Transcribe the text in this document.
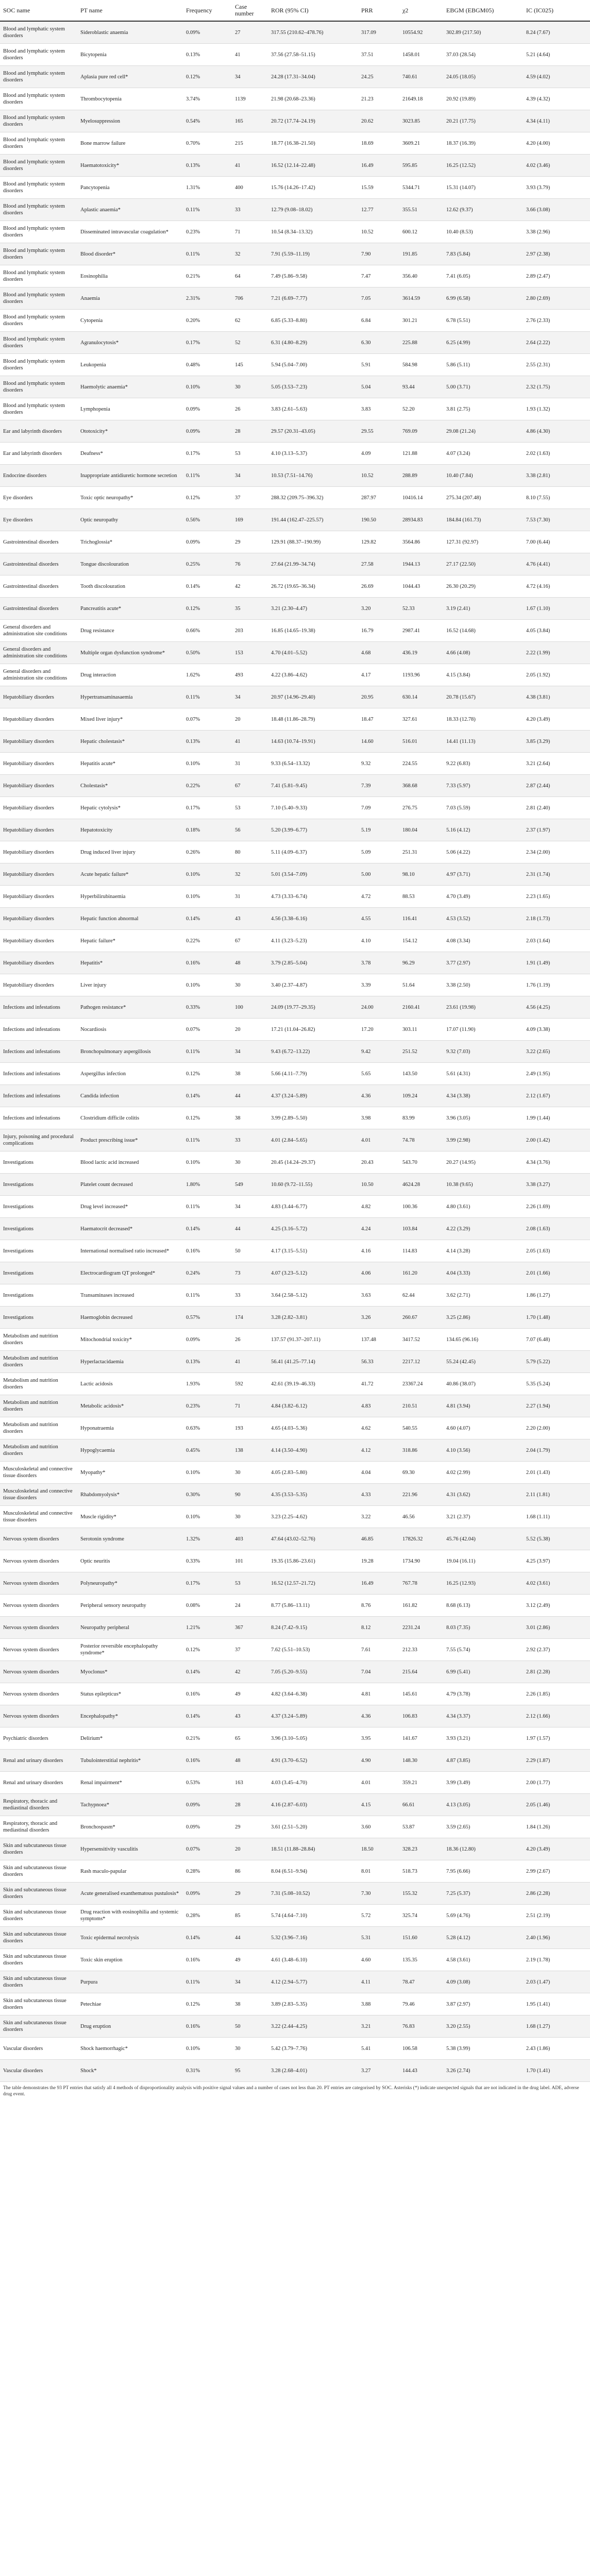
SOC name	PT name	Frequency	Case number	ROR (95% CI)	PRR	χ2	EBGM (EBGM05)	IC (IC025)
Blood and lymphatic system disorders	Sideroblastic anaemia	0.09%	27	317.55 (210.62–478.76)	317.09	10554.92	302.89 (217.50)	8.24 (7.67)
Blood and lymphatic system disorders	Bicytopenia	0.13%	41	37.56 (27.58–51.15)	37.51	1458.01	37.03 (28.54)	5.21 (4.64)
Blood and lymphatic system disorders	Aplasia pure red cell*	0.12%	34	24.28 (17.31–34.04)	24.25	740.61	24.05 (18.05)	4.59 (4.02)
Blood and lymphatic system disorders	Thrombocytopenia	3.74%	1139	21.98 (20.68–23.36)	21.23	21649.18	20.92 (19.89)	4.39 (4.32)
Blood and lymphatic system disorders	Myelosuppression	0.54%	165	20.72 (17.74–24.19)	20.62	3023.85	20.21 (17.75)	4.34 (4.11)
Blood and lymphatic system disorders	Bone marrow failure	0.70%	215	18.77 (16.38–21.50)	18.69	3609.21	18.37 (16.39)	4.20 (4.00)
Blood and lymphatic system disorders	Haematotoxicity*	0.13%	41	16.52 (12.14–22.48)	16.49	595.85	16.25 (12.52)	4.02 (3.46)
Blood and lymphatic system disorders	Pancytopenia	1.31%	400	15.76 (14.26–17.42)	15.59	5344.71	15.31 (14.07)	3.93 (3.79)
Blood and lymphatic system disorders	Aplastic anaemia*	0.11%	33	12.79 (9.08–18.02)	12.77	355.51	12.62 (9.37)	3.66 (3.08)
Blood and lymphatic system disorders	Disseminated intravascular coagulation*	0.23%	71	10.54 (8.34–13.32)	10.52	600.12	10.40 (8.53)	3.38 (2.96)
Blood and lymphatic system disorders	Blood disorder*	0.11%	32	7.91 (5.59–11.19)	7.90	191.85	7.83 (5.84)	2.97 (2.38)
Blood and lymphatic system disorders	Eosinophilia	0.21%	64	7.49 (5.86–9.58)	7.47	356.40	7.41 (6.05)	2.89 (2.47)
Blood and lymphatic system disorders	Anaemia	2.31%	706	7.21 (6.69–7.77)	7.05	3614.59	6.99 (6.58)	2.80 (2.69)
Blood and lymphatic system disorders	Cytopenia	0.20%	62	6.85 (5.33–8.80)	6.84	301.21	6.78 (5.51)	2.76 (2.33)
Blood and lymphatic system disorders	Agranulocytosis*	0.17%	52	6.31 (4.80–8.29)	6.30	225.88	6.25 (4.99)	2.64 (2.22)
Blood and lymphatic system disorders	Leukopenia	0.48%	145	5.94 (5.04–7.00)	5.91	584.98	5.86 (5.11)	2.55 (2.31)
Blood and lymphatic system disorders	Haemolytic anaemia*	0.10%	30	5.05 (3.53–7.23)	5.04	93.44	5.00 (3.71)	2.32 (1.75)
Blood and lymphatic system disorders	Lymphopenia	0.09%	26	3.83 (2.61–5.63)	3.83	52.20	3.81 (2.75)	1.93 (1.32)
Ear and labyrinth disorders	Ototoxicity*	0.09%	28	29.57 (20.31–43.05)	29.55	769.09	29.08 (21.24)	4.86 (4.30)
Ear and labyrinth disorders	Deafness*	0.17%	53	4.10 (3.13–5.37)	4.09	121.88	4.07 (3.24)	2.02 (1.63)
Endocrine disorders	Inappropriate antidiuretic hormone secretion	0.11%	34	10.53 (7.51–14.76)	10.52	288.89	10.40 (7.84)	3.38 (2.81)
Eye disorders	Toxic optic neuropathy*	0.12%	37	288.32 (209.75–396.32)	287.97	10416.14	275.34 (207.48)	8.10 (7.55)
Eye disorders	Optic neuropathy	0.56%	169	191.44 (162.47–225.57)	190.50	28934.83	184.84 (161.73)	7.53 (7.30)
Gastrointestinal disorders	Trichoglossia*	0.09%	29	129.91 (88.37–190.99)	129.82	3564.86	127.31 (92.97)	7.00 (6.44)
Gastrointestinal disorders	Tongue discolouration	0.25%	76	27.64 (21.99–34.74)	27.58	1944.13	27.17 (22.50)	4.76 (4.41)
Gastrointestinal disorders	Tooth discolouration	0.14%	42	26.72 (19.65–36.34)	26.69	1044.43	26.30 (20.29)	4.72 (4.16)
Gastrointestinal disorders	Pancreatitis acute*	0.12%	35	3.21 (2.30–4.47)	3.20	52.33	3.19 (2.41)	1.67 (1.10)
General disorders and administration site conditions	Drug resistance	0.66%	203	16.85 (14.65–19.38)	16.79	2987.41	16.52 (14.68)	4.05 (3.84)
General disorders and administration site conditions	Multiple organ dysfunction syndrome*	0.50%	153	4.70 (4.01–5.52)	4.68	436.19	4.66 (4.08)	2.22 (1.99)
General disorders and administration site conditions	Drug interaction	1.62%	493	4.22 (3.86–4.62)	4.17	1193.96	4.15 (3.84)	2.05 (1.92)
Hepatobiliary disorders	Hypertransaminasaemia	0.11%	34	20.97 (14.96–29.40)	20.95	630.14	20.78 (15.67)	4.38 (3.81)
Hepatobiliary disorders	Mixed liver injury*	0.07%	20	18.48 (11.86–28.79)	18.47	327.61	18.33 (12.78)	4.20 (3.49)
Hepatobiliary disorders	Hepatic cholestasis*	0.13%	41	14.63 (10.74–19.91)	14.60	516.01	14.41 (11.13)	3.85 (3.29)
Hepatobiliary disorders	Hepatitis acute*	0.10%	31	9.33 (6.54–13.32)	9.32	224.55	9.22 (6.83)	3.21 (2.64)
Hepatobiliary disorders	Cholestasis*	0.22%	67	7.41 (5.81–9.45)	7.39	368.68	7.33 (5.97)	2.87 (2.44)
Hepatobiliary disorders	Hepatic cytolysis*	0.17%	53	7.10 (5.40–9.33)	7.09	276.75	7.03 (5.59)	2.81 (2.40)
Hepatobiliary disorders	Hepatotoxicity	0.18%	56	5.20 (3.99–6.77)	5.19	180.04	5.16 (4.12)	2.37 (1.97)
Hepatobiliary disorders	Drug induced liver injury	0.26%	80	5.11 (4.09–6.37)	5.09	251.31	5.06 (4.22)	2.34 (2.00)
Hepatobiliary disorders	Acute hepatic failure*	0.10%	32	5.01 (3.54–7.09)	5.00	98.10	4.97 (3.71)	2.31 (1.74)
Hepatobiliary disorders	Hyperbilirubinaemia	0.10%	31	4.73 (3.33–6.74)	4.72	88.53	4.70 (3.49)	2.23 (1.65)
Hepatobiliary disorders	Hepatic function abnormal	0.14%	43	4.56 (3.38–6.16)	4.55	116.41	4.53 (3.52)	2.18 (1.73)
Hepatobiliary disorders	Hepatic failure*	0.22%	67	4.11 (3.23–5.23)	4.10	154.12	4.08 (3.34)	2.03 (1.64)
Hepatobiliary disorders	Hepatitis*	0.16%	48	3.79 (2.85–5.04)	3.78	96.29	3.77 (2.97)	1.91 (1.49)
Hepatobiliary disorders	Liver injury	0.10%	30	3.40 (2.37–4.87)	3.39	51.64	3.38 (2.50)	1.76 (1.19)
Infections and infestations	Pathogen resistance*	0.33%	100	24.09 (19.77–29.35)	24.00	2160.41	23.61 (19.98)	4.56 (4.25)
Infections and infestations	Nocardiosis	0.07%	20	17.21 (11.04–26.82)	17.20	303.11	17.07 (11.90)	4.09 (3.38)
Infections and infestations	Bronchopulmonary aspergillosis	0.11%	34	9.43 (6.72–13.22)	9.42	251.52	9.32 (7.03)	3.22 (2.65)
Infections and infestations	Aspergillus infection	0.12%	38	5.66 (4.11–7.79)	5.65	143.50	5.61 (4.31)	2.49 (1.95)
Infections and infestations	Candida infection	0.14%	44	4.37 (3.24–5.89)	4.36	109.24	4.34 (3.38)	2.12 (1.67)
Infections and infestations	Clostridium difficile colitis	0.12%	38	3.99 (2.89–5.50)	3.98	83.99	3.96 (3.05)	1.99 (1.44)
Injury, poisoning and procedural complications	Product prescribing issue*	0.11%	33	4.01 (2.84–5.65)	4.01	74.78	3.99 (2.98)	2.00 (1.42)
Investigations	Blood lactic acid increased	0.10%	30	20.45 (14.24–29.37)	20.43	543.70	20.27 (14.95)	4.34 (3.76)
Investigations	Platelet count decreased	1.80%	549	10.60 (9.72–11.55)	10.50	4624.28	10.38 (9.65)	3.38 (3.27)
Investigations	Drug level increased*	0.11%	34	4.83 (3.44–6.77)	4.82	100.36	4.80 (3.61)	2.26 (1.69)
Investigations	Haematocrit decreased*	0.14%	44	4.25 (3.16–5.72)	4.24	103.84	4.22 (3.29)	2.08 (1.63)
Investigations	International normalised ratio increased*	0.16%	50	4.17 (3.15–5.51)	4.16	114.83	4.14 (3.28)	2.05 (1.63)
Investigations	Electrocardiogram QT prolonged*	0.24%	73	4.07 (3.23–5.12)	4.06	161.20	4.04 (3.33)	2.01 (1.66)
Investigations	Transaminases increased	0.11%	33	3.64 (2.58–5.12)	3.63	62.44	3.62 (2.71)	1.86 (1.27)
Investigations	Haemoglobin decreased	0.57%	174	3.28 (2.82–3.81)	3.26	260.67	3.25 (2.86)	1.70 (1.48)
Metabolism and nutrition disorders	Mitochondrial toxicity*	0.09%	26	137.57 (91.37–207.11)	137.48	3417.52	134.65 (96.16)	7.07 (6.48)
Metabolism and nutrition disorders	Hyperlactacidaemia	0.13%	41	56.41 (41.25–77.14)	56.33	2217.12	55.24 (42.45)	5.79 (5.22)
Metabolism and nutrition disorders	Lactic acidosis	1.93%	592	42.61 (39.19–46.33)	41.72	23367.24	40.86 (38.07)	5.35 (5.24)
Metabolism and nutrition disorders	Metabolic acidosis*	0.23%	71	4.84 (3.82–6.12)	4.83	210.51	4.81 (3.94)	2.27 (1.94)
Metabolism and nutrition disorders	Hyponatraemia	0.63%	193	4.65 (4.03–5.36)	4.62	540.55	4.60 (4.07)	2.20 (2.00)
Metabolism and nutrition disorders	Hypoglycaemia	0.45%	138	4.14 (3.50–4.90)	4.12	318.86	4.10 (3.56)	2.04 (1.79)
Musculoskeletal and connective tissue disorders	Myopathy*	0.10%	30	4.05 (2.83–5.80)	4.04	69.30	4.02 (2.99)	2.01 (1.43)
Musculoskeletal and connective tissue disorders	Rhabdomyolysis*	0.30%	90	4.35 (3.53–5.35)	4.33	221.96	4.31 (3.62)	2.11 (1.81)
Musculoskeletal and connective tissue disorders	Muscle rigidity*	0.10%	30	3.23 (2.25–4.62)	3.22	46.56	3.21 (2.37)	1.68 (1.11)
Nervous system disorders	Serotonin syndrome	1.32%	403	47.64 (43.02–52.76)	46.85	17826.32	45.76 (42.04)	5.52 (5.38)
Nervous system disorders	Optic neuritis	0.33%	101	19.35 (15.86–23.61)	19.28	1734.90	19.04 (16.11)	4.25 (3.97)
Nervous system disorders	Polyneuropathy*	0.17%	53	16.52 (12.57–21.72)	16.49	767.78	16.25 (12.93)	4.02 (3.61)
Nervous system disorders	Peripheral sensory neuropathy	0.08%	24	8.77 (5.86–13.11)	8.76	161.82	8.68 (6.13)	3.12 (2.49)
Nervous system disorders	Neuropathy peripheral	1.21%	367	8.24 (7.42–9.15)	8.12	2231.24	8.03 (7.35)	3.01 (2.86)
Nervous system disorders	Posterior reversible encephalopathy syndrome*	0.12%	37	7.62 (5.51–10.53)	7.61	212.33	7.55 (5.74)	2.92 (2.37)
Nervous system disorders	Myoclonus*	0.14%	42	7.05 (5.20–9.55)	7.04	215.64	6.99 (5.41)	2.81 (2.28)
Nervous system disorders	Status epilepticus*	0.16%	49	4.82 (3.64–6.38)	4.81	145.61	4.79 (3.78)	2.26 (1.85)
Nervous system disorders	Encephalopathy*	0.14%	43	4.37 (3.24–5.89)	4.36	106.83	4.34 (3.37)	2.12 (1.66)
Psychiatric disorders	Delirium*	0.21%	65	3.96 (3.10–5.05)	3.95	141.67	3.93 (3.21)	1.97 (1.57)
Renal and urinary disorders	Tubulointerstitial nephritis*	0.16%	48	4.91 (3.70–6.52)	4.90	148.30	4.87 (3.85)	2.29 (1.87)
Renal and urinary disorders	Renal impairment*	0.53%	163	4.03 (3.45–4.70)	4.01	359.21	3.99 (3.49)	2.00 (1.77)
Respiratory, thoracic and mediastinal disorders	Tachypnoea*	0.09%	28	4.16 (2.87–6.03)	4.15	66.61	4.13 (3.05)	2.05 (1.46)
Respiratory, thoracic and mediastinal disorders	Bronchospasm*	0.09%	29	3.61 (2.51–5.20)	3.60	53.87	3.59 (2.65)	1.84 (1.26)
Skin and subcutaneous tissue disorders	Hypersensitivity vasculitis	0.07%	20	18.51 (11.88–28.84)	18.50	328.23	18.36 (12.80)	4.20 (3.49)
Skin and subcutaneous tissue disorders	Rash maculo-papular	0.28%	86	8.04 (6.51–9.94)	8.01	518.73	7.95 (6.66)	2.99 (2.67)
Skin and subcutaneous tissue disorders	Acute generalised exanthematous pustulosis*	0.09%	29	7.31 (5.08–10.52)	7.30	155.32	7.25 (5.37)	2.86 (2.28)
Skin and subcutaneous tissue disorders	Drug reaction with eosinophilia and systemic symptoms*	0.28%	85	5.74 (4.64–7.10)	5.72	325.74	5.69 (4.76)	2.51 (2.19)
Skin and subcutaneous tissue disorders	Toxic epidermal necrolysis	0.14%	44	5.32 (3.96–7.16)	5.31	151.60	5.28 (4.12)	2.40 (1.96)
Skin and subcutaneous tissue disorders	Toxic skin eruption	0.16%	49	4.61 (3.48–6.10)	4.60	135.35	4.58 (3.61)	2.19 (1.78)
Skin and subcutaneous tissue disorders	Purpura	0.11%	34	4.12 (2.94–5.77)	4.11	78.47	4.09 (3.08)	2.03 (1.47)
Skin and subcutaneous tissue disorders	Petechiae	0.12%	38	3.89 (2.83–5.35)	3.88	79.46	3.87 (2.97)	1.95 (1.41)
Skin and subcutaneous tissue disorders	Drug eruption	0.16%	50	3.22 (2.44–4.25)	3.21	76.83	3.20 (2.55)	1.68 (1.27)
Vascular disorders	Shock haemorrhagic*	0.10%	30	5.42 (3.79–7.76)	5.41	106.58	5.38 (3.99)	2.43 (1.86)
Vascular disorders	Shock*	0.31%	95	3.28 (2.68–4.01)	3.27	144.43	3.26 (2.74)	1.70 (1.41)
The table demonstrates the 93 PT entries that satisfy all 4 methods of disproportionality analysis with positive signal values and a number of cases not less than 20. PT entries are categorised by SOC. Asterisks (*) indicate unexpected signals that are not indicated in the drug label. ADE, adverse drug event.
